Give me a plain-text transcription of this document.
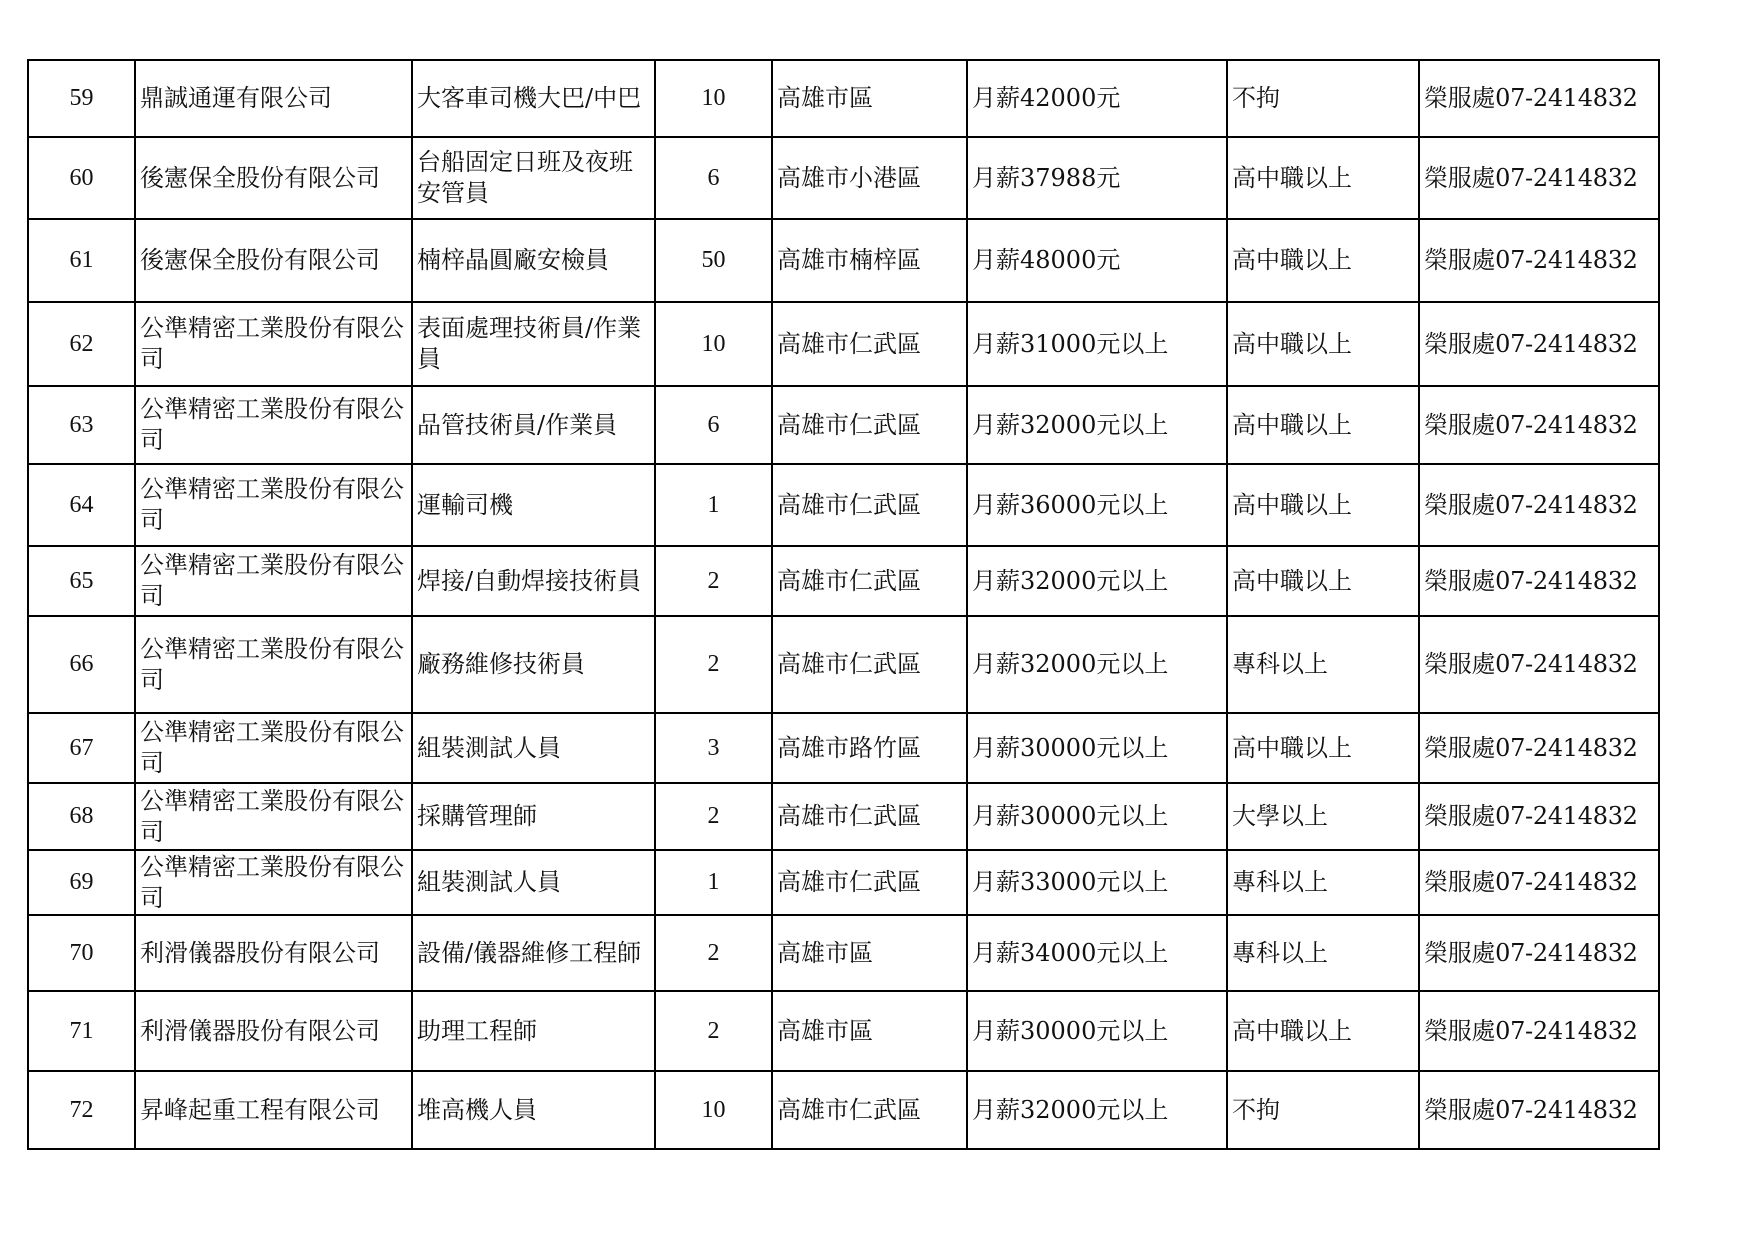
59	鼎誠通運有限公司	大客車司機大巴/中巴	10	高雄市區	月薪42000元	不拘	榮服處07-2414832
60	後憲保全股份有限公司	台船固定日班及夜班安管員	6	高雄市小港區	月薪37988元	高中職以上	榮服處07-2414832
61	後憲保全股份有限公司	楠梓晶圓廠安檢員	50	高雄市楠梓區	月薪48000元	高中職以上	榮服處07-2414832
62	公準精密工業股份有限公司	表面處理技術員/作業員	10	高雄市仁武區	月薪31000元以上	高中職以上	榮服處07-2414832
63	公準精密工業股份有限公司	品管技術員/作業員	6	高雄市仁武區	月薪32000元以上	高中職以上	榮服處07-2414832
64	公準精密工業股份有限公司	運輸司機	1	高雄市仁武區	月薪36000元以上	高中職以上	榮服處07-2414832
65	公準精密工業股份有限公司	焊接/自動焊接技術員	2	高雄市仁武區	月薪32000元以上	高中職以上	榮服處07-2414832
66	公準精密工業股份有限公司	廠務維修技術員	2	高雄市仁武區	月薪32000元以上	專科以上	榮服處07-2414832
67	公準精密工業股份有限公司	組裝測試人員	3	高雄市路竹區	月薪30000元以上	高中職以上	榮服處07-2414832
68	公準精密工業股份有限公司	採購管理師	2	高雄市仁武區	月薪30000元以上	大學以上	榮服處07-2414832
69	公準精密工業股份有限公司	組裝測試人員	1	高雄市仁武區	月薪33000元以上	專科以上	榮服處07-2414832
70	利滑儀器股份有限公司	設備/儀器維修工程師	2	高雄市區	月薪34000元以上	專科以上	榮服處07-2414832
71	利滑儀器股份有限公司	助理工程師	2	高雄市區	月薪30000元以上	高中職以上	榮服處07-2414832
72	昇峰起重工程有限公司	堆高機人員	10	高雄市仁武區	月薪32000元以上	不拘	榮服處07-2414832
